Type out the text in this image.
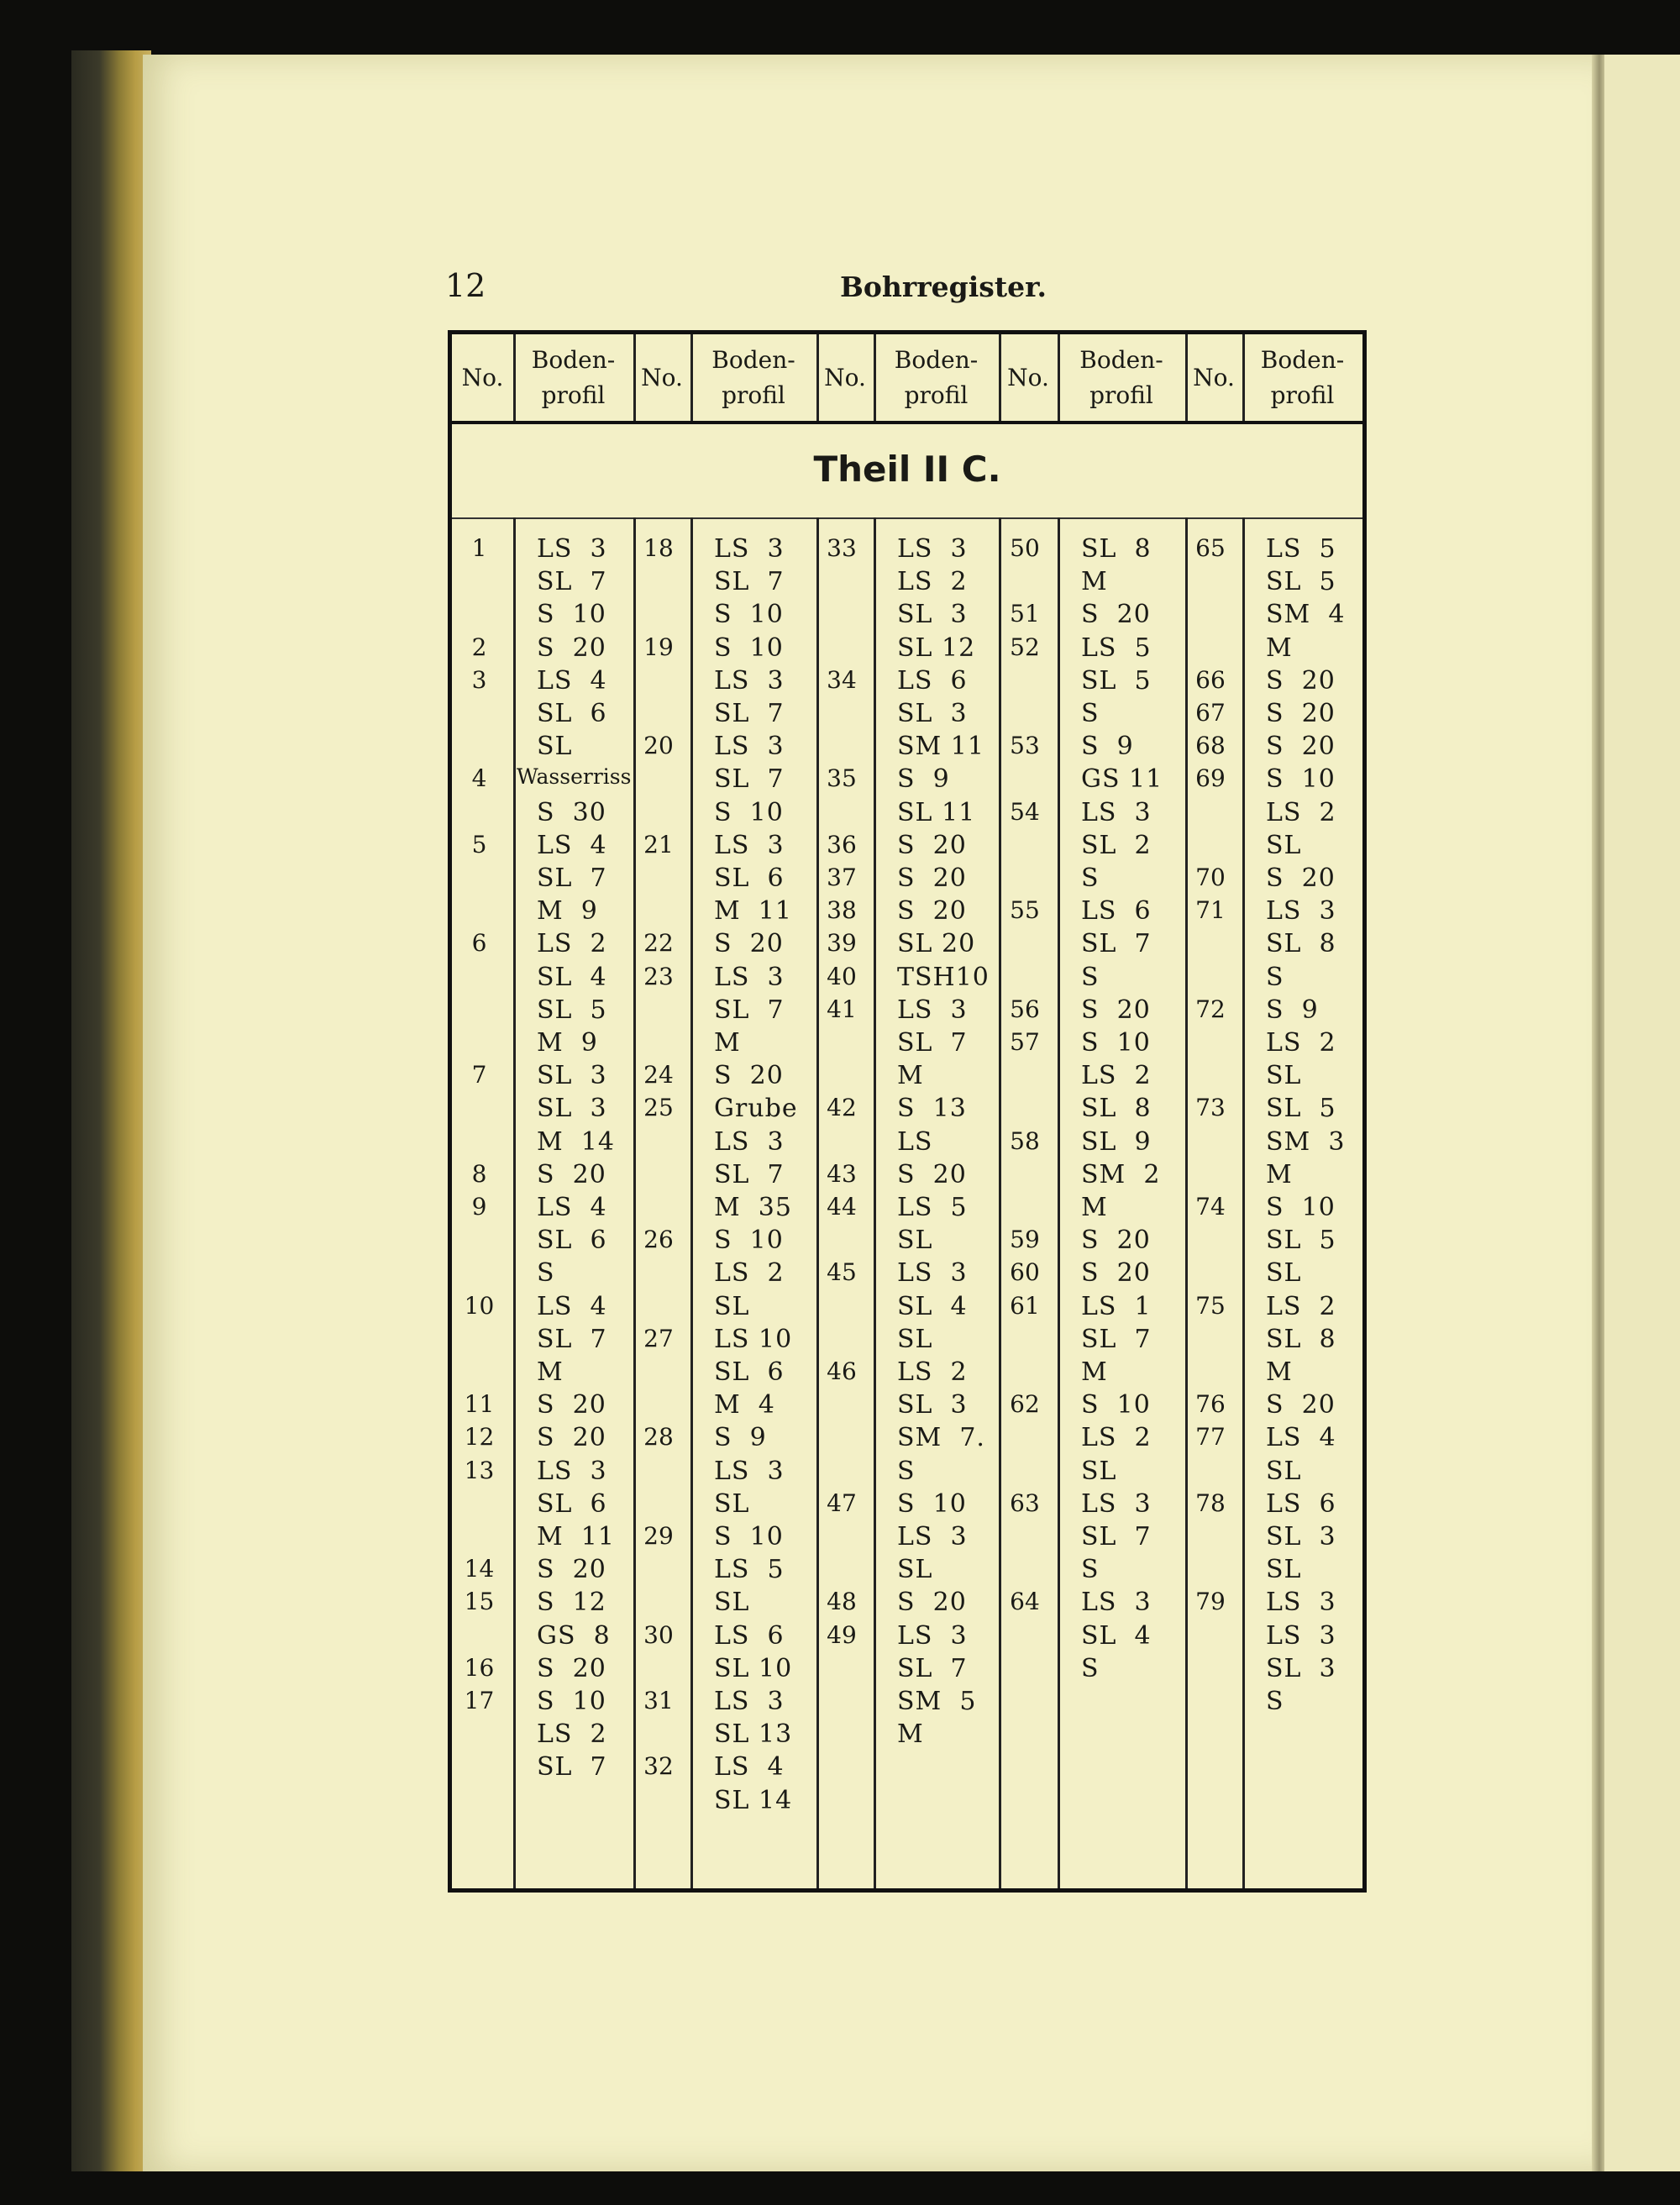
12	Bohrregister.
No.
Boden-
profil
No.
Boden-
profil
No.
Boden-
profil
No.
Boden-
profil
No.
Boden-
profil
Theil II C.
1	LS  3
SL  7
S  10
2	S  20
3	LS  4
SL  6
SL
4	Wasserriss
S  30
5	LS  4
SL  7
M  9
6	LS  2
SL  4
SL  5
M  9
7	SL  3
SL  3
M  14
8	S  20
9	LS  4
SL  6
S
10	LS  4
SL  7
M
11	S  20
12	S  20
13	LS  3
SL  6
M  11
14	S  20
15	S  12
GS  8
16	S  20
17	S  10
LS  2
SL  7
18	LS  3
SL  7
S  10
19	S  10
LS  3
SL  7
20	LS  3
SL  7
S  10
21	LS  3
SL  6
M  11
22	S  20
23	LS  3
SL  7
M
24	S  20
25	Grube
LS  3
SL  7
M  35
26	S  10
LS  2
SL
27	LS 10
SL  6
M  4
28	S  9
LS  3
SL
29	S  10
LS  5
SL
30	LS  6
SL 10
31	LS  3
SL 13
32	LS  4
SL 14
33	LS  3
LS  2
SL  3
SL 12
34	LS  6
SL  3
SM 11
35	S  9
SL 11
36	S  20
37	S  20
38	S  20
39	SL 20
40	TSH10
41	LS  3
SL  7
M
42	S  13
LS
43	S  20
44	LS  5
SL
45	LS  3
SL  4
SL
46	LS  2
SL  3
SM  7.
S
47	S  10
LS  3
SL
48	S  20
49	LS  3
SL  7
SM  5
M
50	SL  8
M
51	S  20
52	LS  5
SL  5
S
53	S  9
GS 11
54	LS  3
SL  2
S
55	LS  6
SL  7
S
56	S  20
57	S  10
LS  2
SL  8
58	SL  9
SM  2
M
59	S  20
60	S  20
61	LS  1
SL  7
M
62	S  10
LS  2
SL
63	LS  3
SL  7
S
64	LS  3
SL  4
S
65	LS  5
SL  5
SM  4
M
66	S  20
67	S  20
68	S  20
69	S  10
LS  2
SL
70	S  20
71	LS  3
SL  8
S
72	S  9
LS  2
SL
73	SL  5
SM  3
M
74	S  10
SL  5
SL
75	LS  2
SL  8
M
76	S  20
77	LS  4
SL
78	LS  6
SL  3
SL
79	LS  3
LS  3
SL  3
S
